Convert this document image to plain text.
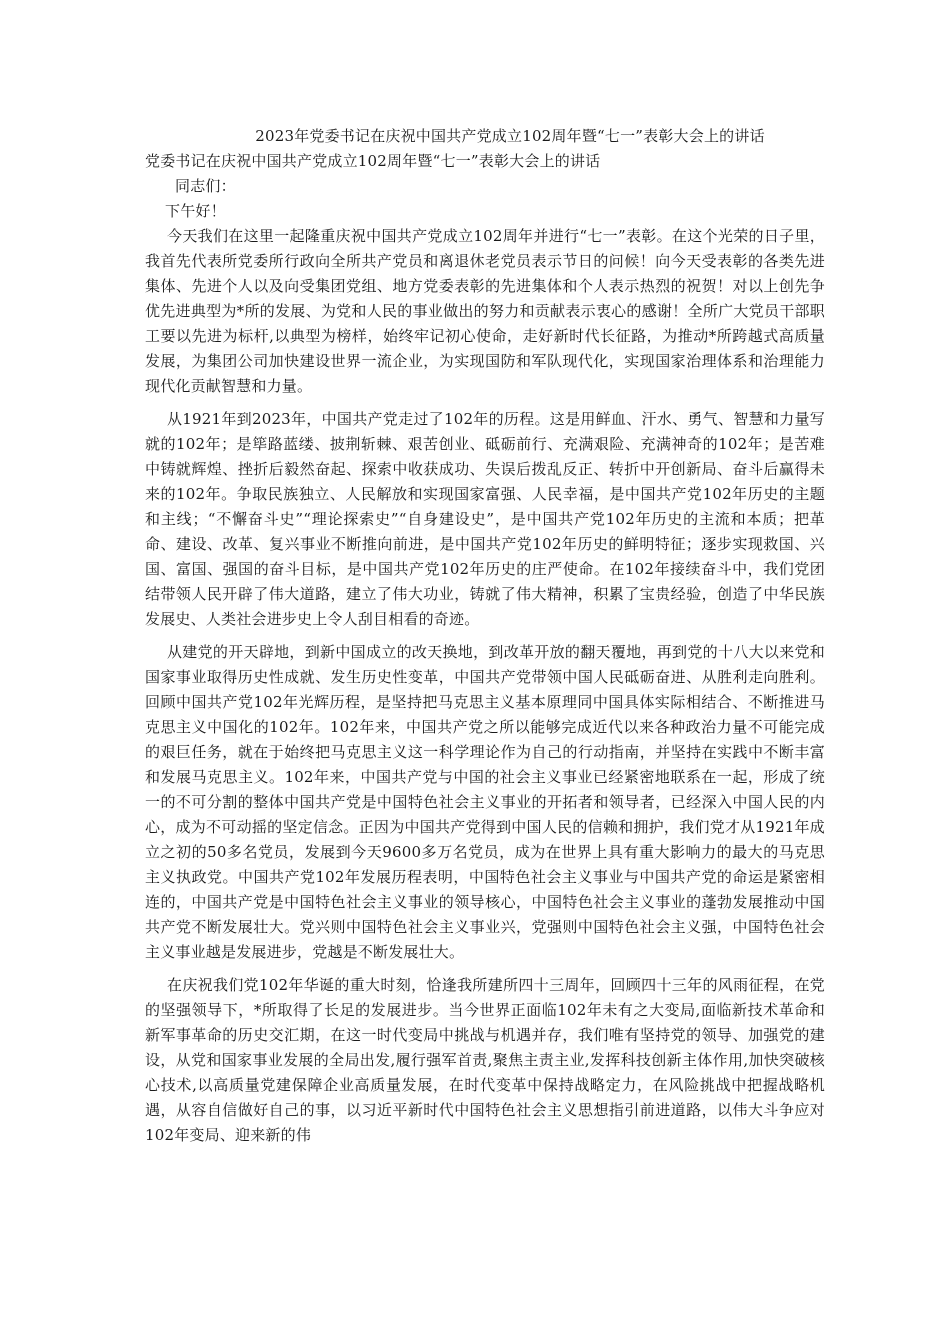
2023年党委书记在庆祝中国共产党成立102周年暨“七一”表彰大会上的讲话
党委书记在庆祝中国共产党成立102周年暨“七一”表彰大会上的讲话
同志们：
下午好！

今天我们在这里一起隆重庆祝中国共产党成立102周年并进行“七一”表彰。在这个光荣的日子里，我首先代表所党委所行政向全所共产党员和离退休老党员表示节日的问候！向今天受表彰的各类先进集体、先进个人以及向受集团党组、地方党委表彰的先进集体和个人表示热烈的祝贺！对以上创先争优先进典型为*所的发展、为党和人民的事业做出的努力和贡献表示衷心的感谢！全所广大党员干部职工要以先进为标杆,以典型为榜样，始终牢记初心使命，走好新时代长征路，为推动*所跨越式高质量发展，为集团公司加快建设世界一流企业，为实现国防和军队现代化，实现国家治理体系和治理能力现代化贡献智慧和力量。

从1921年到2023年，中国共产党走过了102年的历程。这是用鲜血、汗水、勇气、智慧和力量写就的102年；是筚路蓝缕、披荆斩棘、艰苦创业、砥砺前行、充满艰险、充满神奇的102年；是苦难中铸就辉煌、挫折后毅然奋起、探索中收获成功、失误后拨乱反正、转折中开创新局、奋斗后赢得未来的102年。争取民族独立、人民解放和实现国家富强、人民幸福，是中国共产党102年历史的主题和主线；“不懈奋斗史”“理论探索史”“自身建设史”，是中国共产党102年历史的主流和本质；把革命、建设、改革、复兴事业不断推向前进，是中国共产党102年历史的鲜明特征；逐步实现救国、兴国、富国、强国的奋斗目标，是中国共产党102年历史的庄严使命。在102年接续奋斗中，我们党团结带领人民开辟了伟大道路，建立了伟大功业，铸就了伟大精神，积累了宝贵经验，创造了中华民族发展史、人类社会进步史上令人刮目相看的奇迹。

从建党的开天辟地，到新中国成立的改天换地，到改革开放的翻天覆地，再到党的十八大以来党和国家事业取得历史性成就、发生历史性变革，中国共产党带领中国人民砥砺奋进、从胜利走向胜利。回顾中国共产党102年光辉历程，是坚持把马克思主义基本原理同中国具体实际相结合、不断推进马克思主义中国化的102年。102年来，中国共产党之所以能够完成近代以来各种政治力量不可能完成的艰巨任务，就在于始终把马克思主义这一科学理论作为自己的行动指南，并坚持在实践中不断丰富和发展马克思主义。102年来，中国共产党与中国的社会主义事业已经紧密地联系在一起，形成了统一的不可分割的整体中国共产党是中国特色社会主义事业的开拓者和领导者，已经深入中国人民的内心，成为不可动摇的坚定信念。正因为中国共产党得到中国人民的信赖和拥护，我们党才从1921年成立之初的50多名党员，发展到今天9600多万名党员，成为在世界上具有重大影响力的最大的马克思主义执政党。中国共产党102年发展历程表明，中国特色社会主义事业与中国共产党的命运是紧密相连的，中国共产党是中国特色社会主义事业的领导核心，中国特色社会主义事业的蓬勃发展推动中国共产党不断发展壮大。党兴则中国特色社会主义事业兴，党强则中国特色社会主义强，中国特色社会主义事业越是发展进步，党越是不断发展壮大。

在庆祝我们党102年华诞的重大时刻，恰逢我所建所四十三周年，回顾四十三年的风雨征程，在党的坚强领导下，*所取得了长足的发展进步。当今世界正面临102年未有之大变局,面临新技术革命和新军事革命的历史交汇期，在这一时代变局中挑战与机遇并存，我们唯有坚持党的领导、加强党的建设，从党和国家事业发展的全局出发,履行强军首责,聚焦主责主业,发挥科技创新主体作用,加快突破核心技术,以高质量党建保障企业高质量发展，在时代变革中保持战略定力，在风险挑战中把握战略机遇，从容自信做好自己的事，以习近平新时代中国特色社会主义思想指引前进道路，以伟大斗争应对102年变局、迎来新的伟
